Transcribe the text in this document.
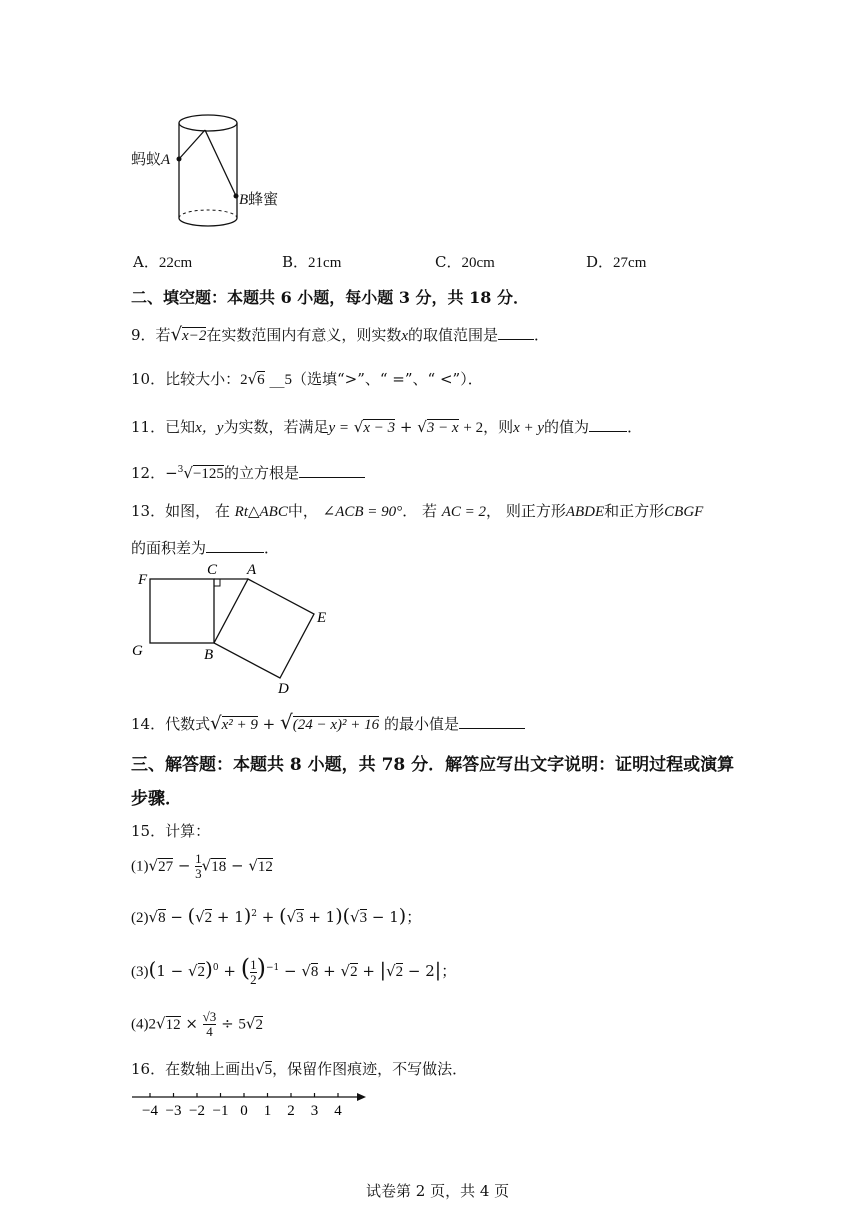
蚂蚁A
B蜂蜜
A．22cm	B．21cm	C．20cm	D．27cm
二、填空题：本题共 6 小题，每小题 3 分，共 18 分．
9．若√x−2在实数范围内有意义，则实数x的取值范围是 ．
10．比较大小：2√6 __5（选填“>”、“ =”、“ <”）．
11．已知x，y为实数，若满足y = √x − 3 + √3 − x + 2，则x + y的值为	．
12．−$^3$√−125的立方根是
13．如图， 在 Rt△ABC中， ∠ACB = 90°． 若 AC = 2， 则正方形ABDE和正方形CBGF
的面积差为	．
F
C A
E
G	B
D
14．代数式√x² + 9 + √(24 − x)² + 16 的最小值是
三、解答题：本题共 8 小题，共 78 分．解答应写出文字说明：证明过程或演算
步骤．
15．计算：
$(1)√27 - \frac{1}{3} √18 - √12$
$(2)√8 - (√2 + 1)^2 + (√3 + 1)(√3 - 1)$；
$(3)(1 - √2)^0$ + ( $\frac{1}{2} )^{-1} - √8 + √2 + |√2 - 2|$；
$(4)2√12 \times \frac{√3}{4} \div 5√2$
16．在数轴上画出√5，保留作图痕迹，不写做法．
−4 −3 −2 −1 0 1 2 3 4
试卷第 2 页，共 4 页
